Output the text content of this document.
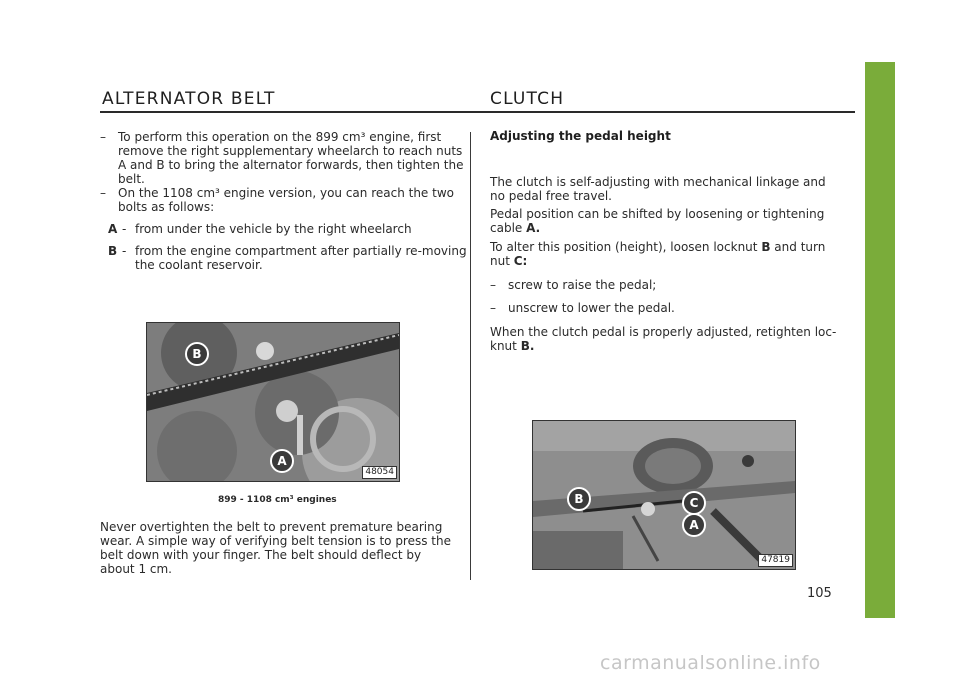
ALTERNATOR BELT	CLUTCH
– To perform this operation on the 899 cm³ engine, first remove the right supplementary wheelarch to reach nuts A and B to bring the alternator forwards, then tighten the belt.
– On the 1108 cm³ engine version, you can reach the two bolts as follows:
A - from under the vehicle by the right wheelarch
B - from the engine compartment after partially re-moving the coolant reservoir.
B
A
48054
899 - 1108 cm³ engines
Never overtighten the belt to prevent premature bearing wear. A simple way of verifying belt tension is to press the belt down with your finger. The belt should deflect by about 1 cm.
Adjusting the pedal height
The clutch is self-adjusting with mechanical linkage and no pedal free travel.
Pedal position can be shifted by loosening or tightening cable A.
To alter this position (height), loosen locknut B and turn nut C:
– screw to raise the pedal;
– unscrew to lower the pedal.
When the clutch pedal is properly adjusted, retighten loc-knut B.
B	C
A
47819
105
carmanualsonline.info
